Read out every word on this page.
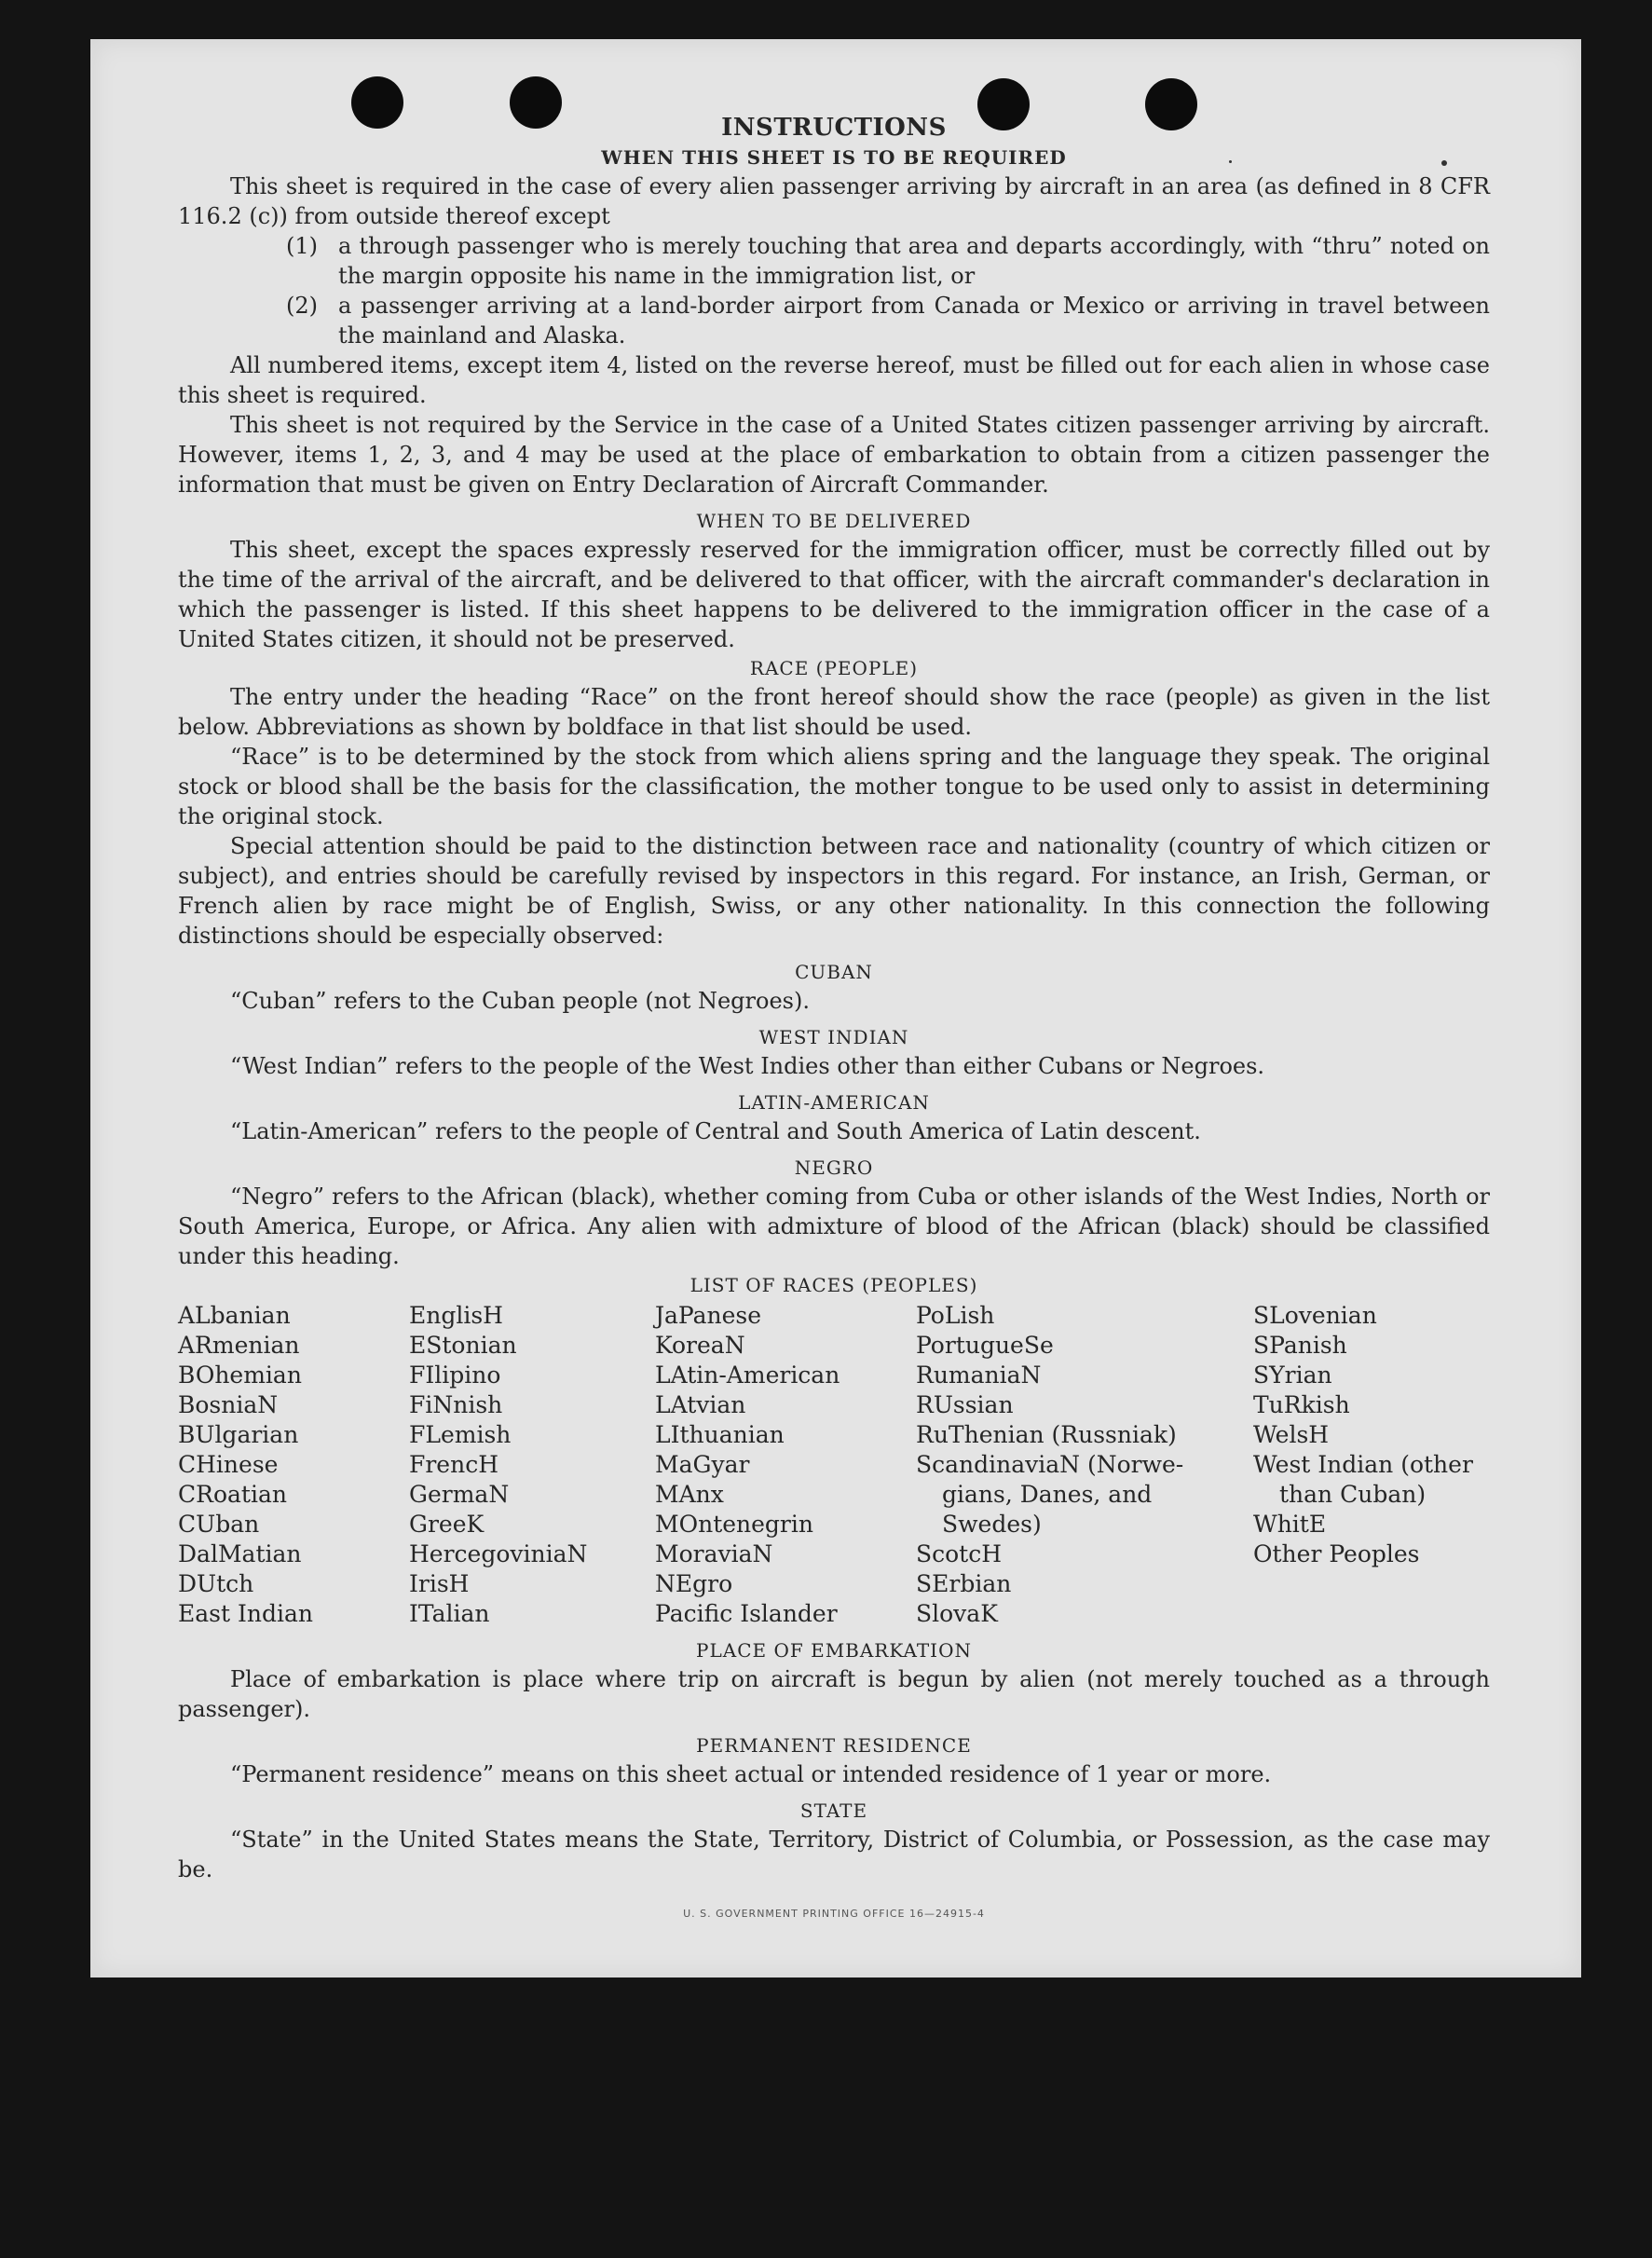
INSTRUCTIONS
WHEN THIS SHEET IS TO BE REQUIRED

This sheet is required in the case of every alien passenger arriving by aircraft in an area (as defined in 8 CFR 116.2 (c)) from outside thereof except

(1) a through passenger who is merely touching that area and departs accordingly, with “thru” noted on the margin opposite his name in the immigration list, or
(2) a passenger arriving at a land-border airport from Canada or Mexico or arriving in travel between the mainland and Alaska.

All numbered items, except item 4, listed on the reverse hereof, must be filled out for each alien in whose case this sheet is required.

This sheet is not required by the Service in the case of a United States citizen passenger arriving by aircraft. However, items 1, 2, 3, and 4 may be used at the place of embarkation to obtain from a citizen passenger the information that must be given on Entry Declaration of Aircraft Commander.

WHEN TO BE DELIVERED

This sheet, except the spaces expressly reserved for the immigration officer, must be correctly filled out by the time of the arrival of the aircraft, and be delivered to that officer, with the aircraft commander's declaration in which the passenger is listed. If this sheet happens to be delivered to the immigration officer in the case of a United States citizen, it should not be preserved.

RACE (PEOPLE)

The entry under the heading “Race” on the front hereof should show the race (people) as given in the list below. Abbreviations as shown by boldface in that list should be used.

“Race” is to be determined by the stock from which aliens spring and the language they speak. The original stock or blood shall be the basis for the classification, the mother tongue to be used only to assist in determining the original stock.

Special attention should be paid to the distinction between race and nationality (country of which citizen or subject), and entries should be carefully revised by inspectors in this regard. For instance, an Irish, German, or French alien by race might be of English, Swiss, or any other nationality. In this connection the following distinctions should be especially observed:

CUBAN

“Cuban” refers to the Cuban people (not Negroes).

WEST INDIAN

“West Indian” refers to the people of the West Indies other than either Cubans or Negroes.

LATIN-AMERICAN

“Latin-American” refers to the people of Central and South America of Latin descent.

NEGRO

“Negro” refers to the African (black), whether coming from Cuba or other islands of the West Indies, North or South America, Europe, or Africa. Any alien with admixture of blood of the African (black) should be classified under this heading.

LIST OF RACES (PEOPLES)
ALbanian
ARmenian
BOhemian
BosniaN
BUlgarian
CHinese
CRoatian
CUban
DalMatian
DUtch
East Indian
EnglisH
EStonian
FIlipino
FiNnish
FLemish
FrencH
GermaN
GreeK
HercegoviniaN
IrisH
ITalian
JaPanese
KoreaN
LAtin-American
LAtvian
LIthuanian
MaGyar
MAnx
MOntenegrin
MoraviaN
NEgro
Pacific Islander
PoLish
PortugueSe
RumaniaN
RUssian
RuThenian (Russniak)
ScandinaviaN (Norwe-
gians, Danes, and
Swedes)
ScotcH
SErbian
SlovaK
SLovenian
SPanish
SYrian
TuRkish
WelsH
West Indian (other
than Cuban)
WhitE
Other Peoples
PLACE OF EMBARKATION

Place of embarkation is place where trip on aircraft is begun by alien (not merely touched as a through passenger).

PERMANENT RESIDENCE

“Permanent residence” means on this sheet actual or intended residence of 1 year or more.

STATE

“State” in the United States means the State, Territory, District of Columbia, or Possession, as the case may be.

U. S. GOVERNMENT PRINTING OFFICE 16—24915-4
